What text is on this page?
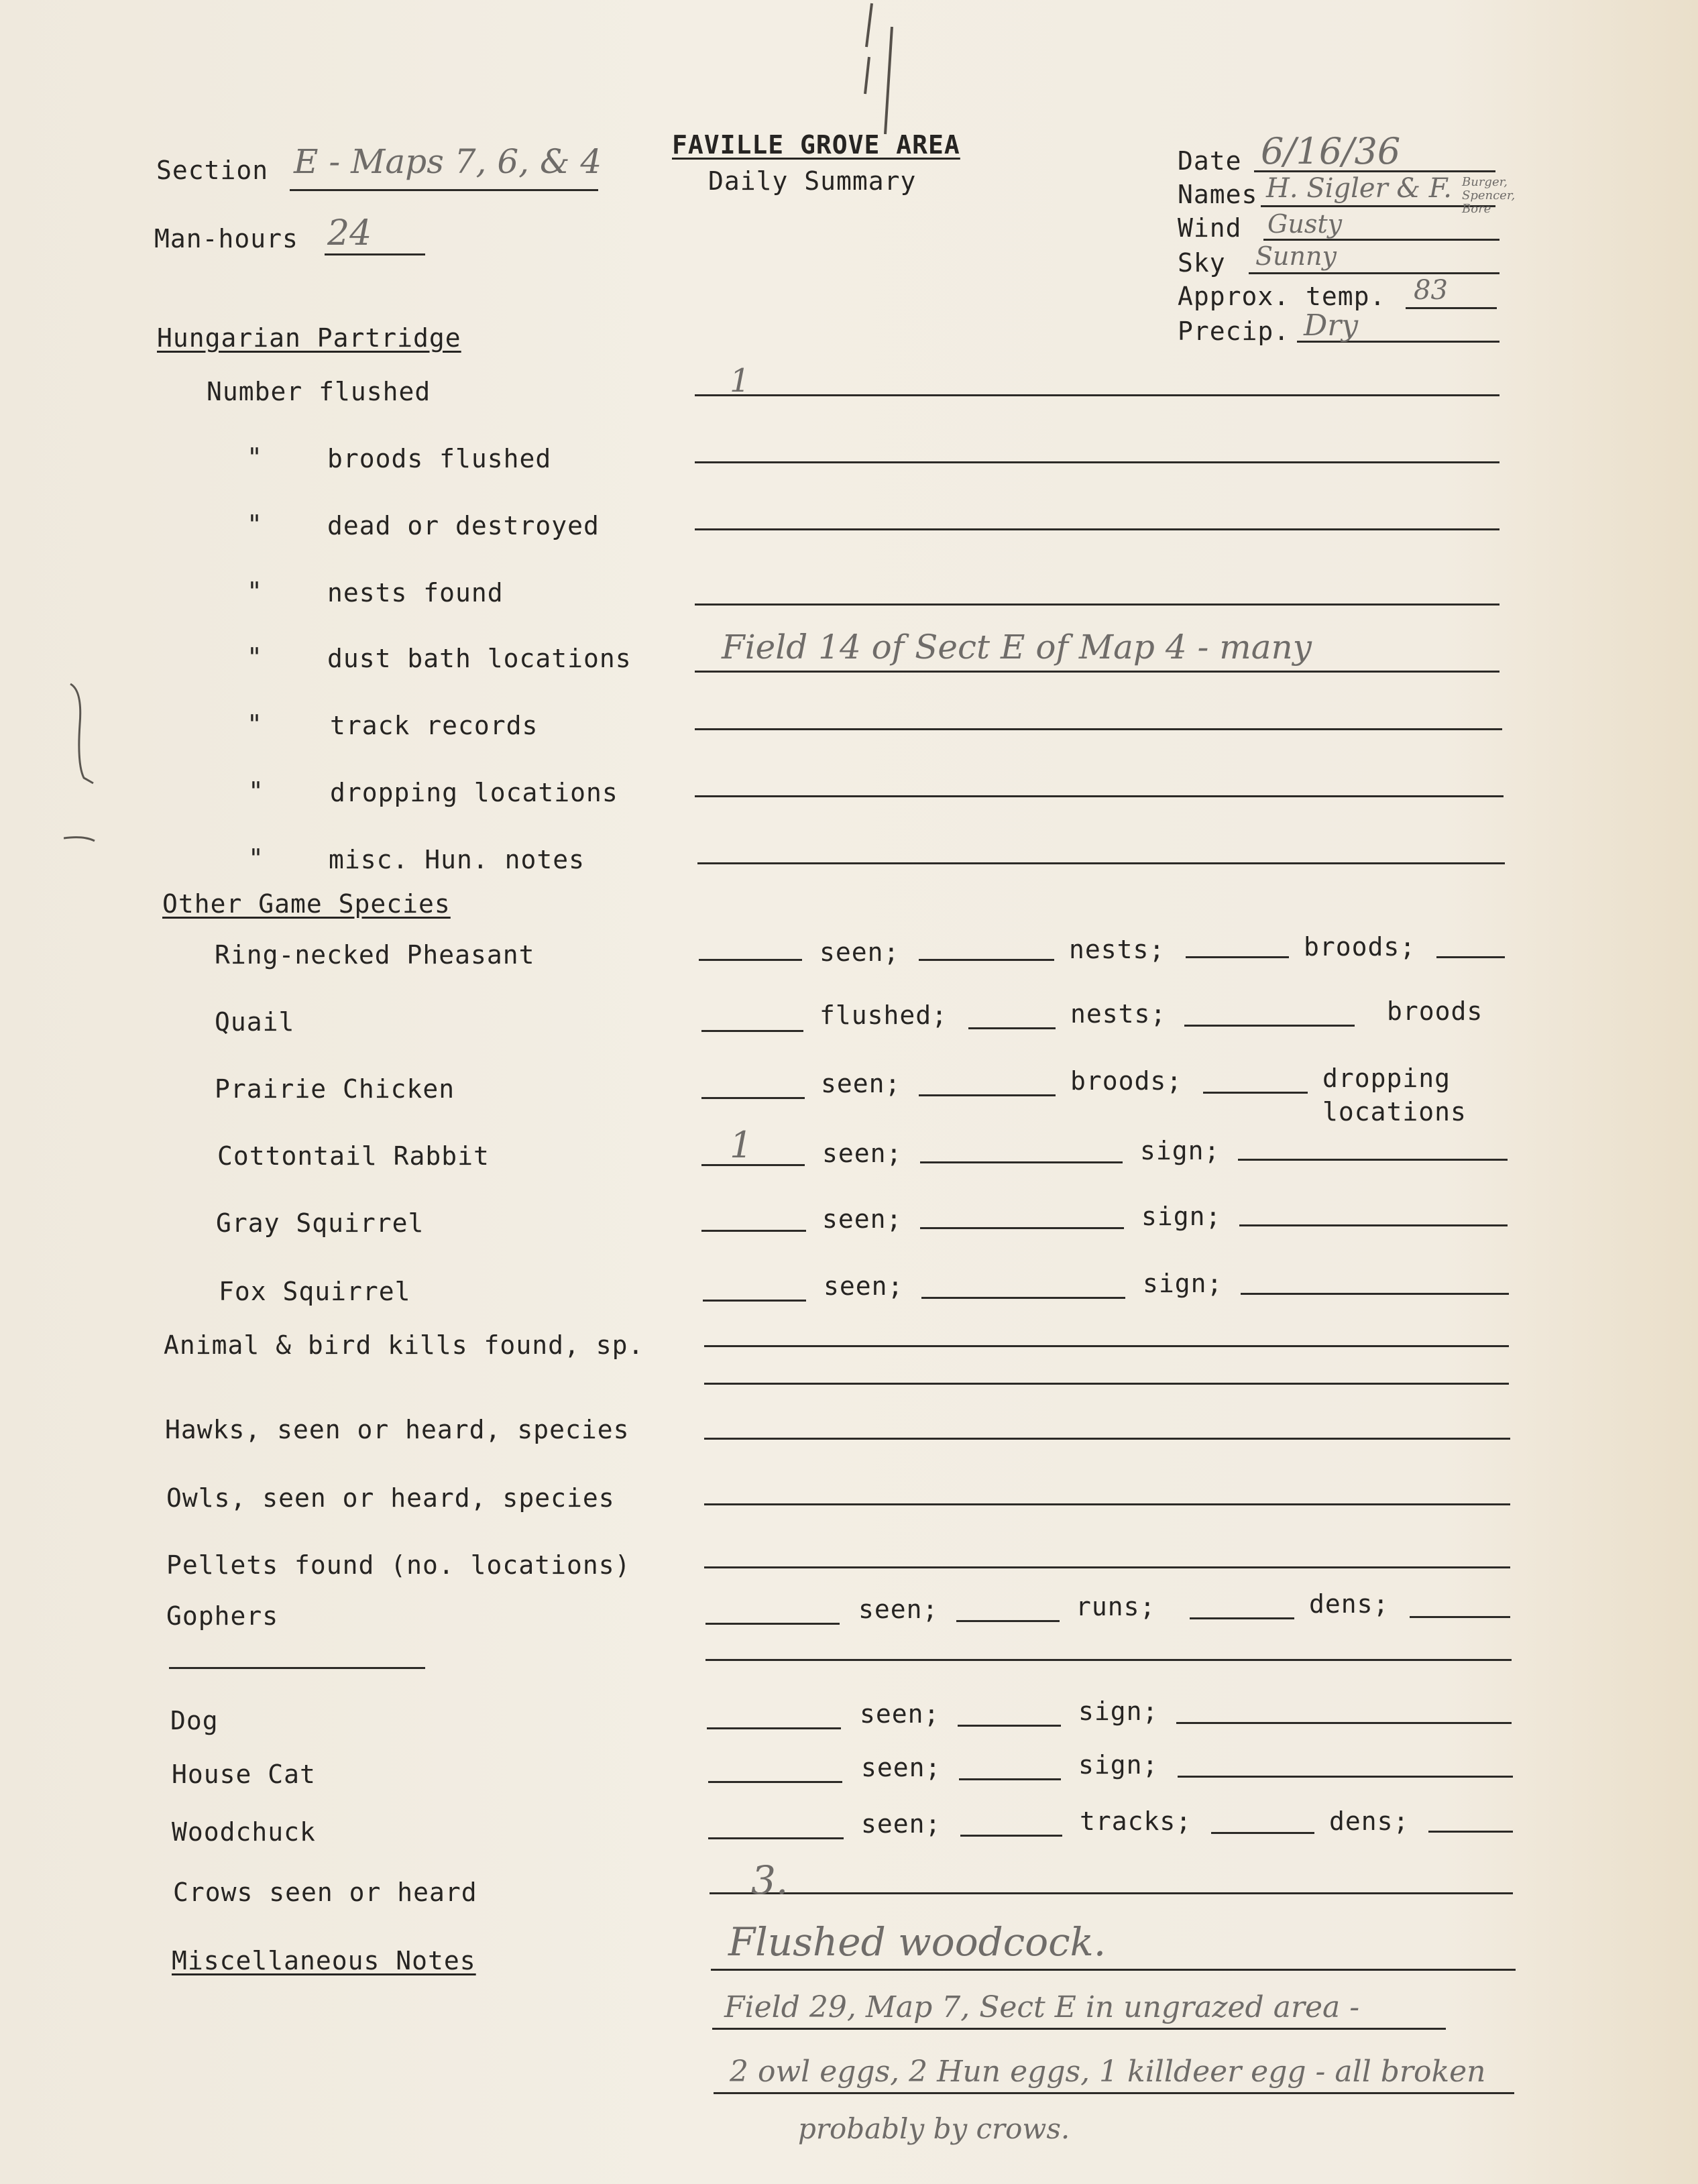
FAVILLE GROVE AREA
Daily Summary
Section E - Maps 7, 6, & 4
Man-hours 24
Date 6/16/36
Names H. Sigler & F. Burger, Spencer, Bore
Wind Gusty
Sky Sunny
Approx. temp. 83
Precip. Dry
Hungarian Partridge
Number flushed	1
"	broods flushed
"	dead or destroyed
"	nests found
"	dust bath locations	Field 14 of Sect E of Map 4 - many
"	track records
"	dropping locations
"	misc. Hun. notes
Other Game Species
Ring-necked Pheasant	seen;	nests;	broods;
Quail	flushed;	nests;	broods
Prairie Chicken	seen;	broods;	dropping
locations
Cottontail Rabbit	1	seen;	sign;
Gray Squirrel	seen;	sign;
Fox Squirrel	seen;	sign;
Animal & bird kills found, sp.
Hawks, seen or heard, species
Owls, seen or heard, species
Pellets found (no. locations)
Gophers	seen;	runs;	dens;
Dog	seen;	sign;
House Cat	seen;	sign;
Woodchuck	seen;	tracks;	dens;
Crows seen or heard	3.
Miscellaneous Notes	Flushed woodcock.
Field 29, Map 7, Sect E in ungrazed area -
2 owl eggs, 2 Hun eggs, 1 killdeer egg - all broken
probably by crows.
